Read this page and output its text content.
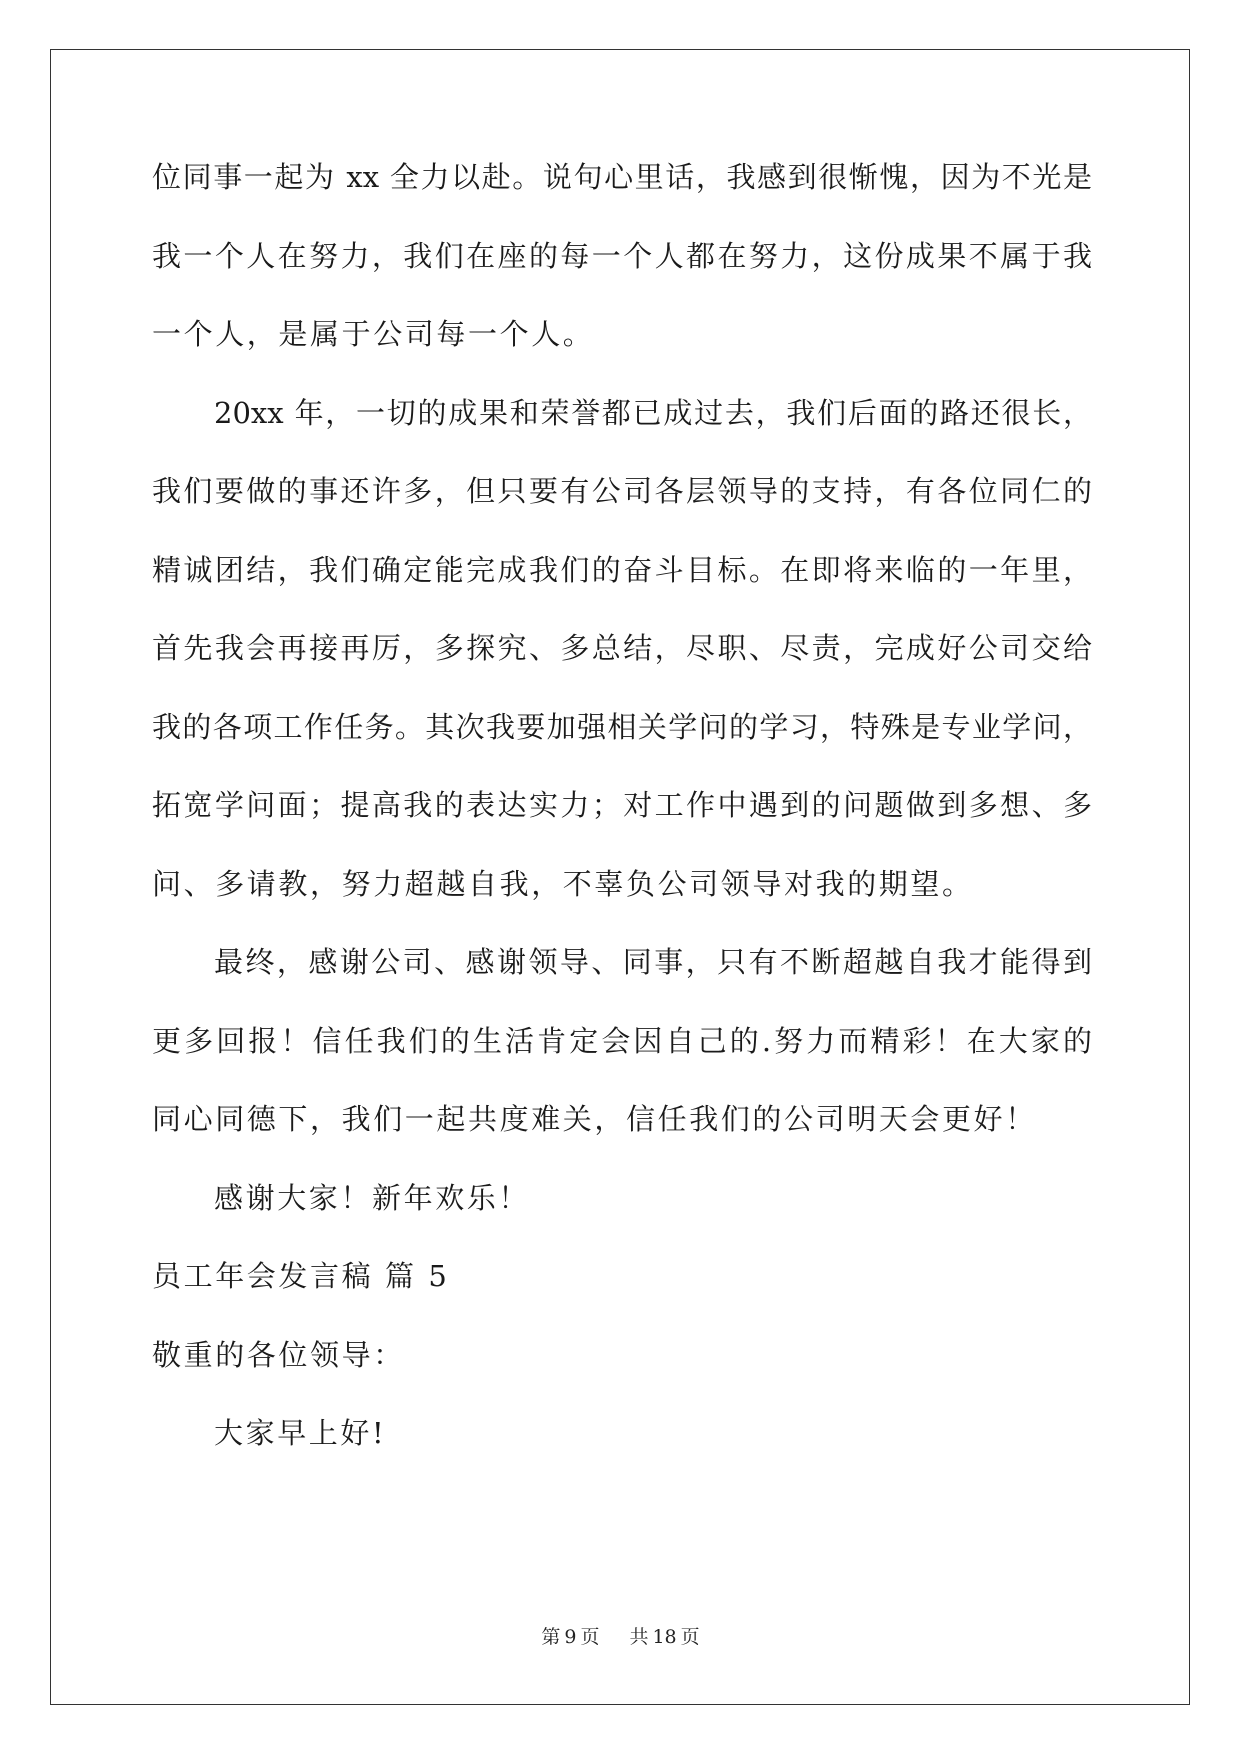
位同事一起为 xx 全力以赴。说句心里话，我感到很惭愧，因为不光是
我一个人在努力，我们在座的每一个人都在努力，这份成果不属于我
一个人，是属于公司每一个人。
20xx 年，一切的成果和荣誉都已成过去，我们后面的路还很长，
我们要做的事还许多，但只要有公司各层领导的支持，有各位同仁的
精诚团结，我们确定能完成我们的奋斗目标。在即将来临的一年里，
首先我会再接再厉，多探究、多总结，尽职、尽责，完成好公司交给
我的各项工作任务。其次我要加强相关学问的学习，特殊是专业学问，
拓宽学问面；提高我的表达实力；对工作中遇到的问题做到多想、多
问、多请教，努力超越自我，不辜负公司领导对我的期望。
最终，感谢公司、感谢领导、同事，只有不断超越自我才能得到
更多回报！信任我们的生活肯定会因自己的.努力而精彩！在大家的
同心同德下，我们一起共度难关，信任我们的公司明天会更好！
感谢大家！新年欢乐！
员工年会发言稿 篇 5
敬重的各位领导：
大家早上好!
第 9 页 共 18 页
